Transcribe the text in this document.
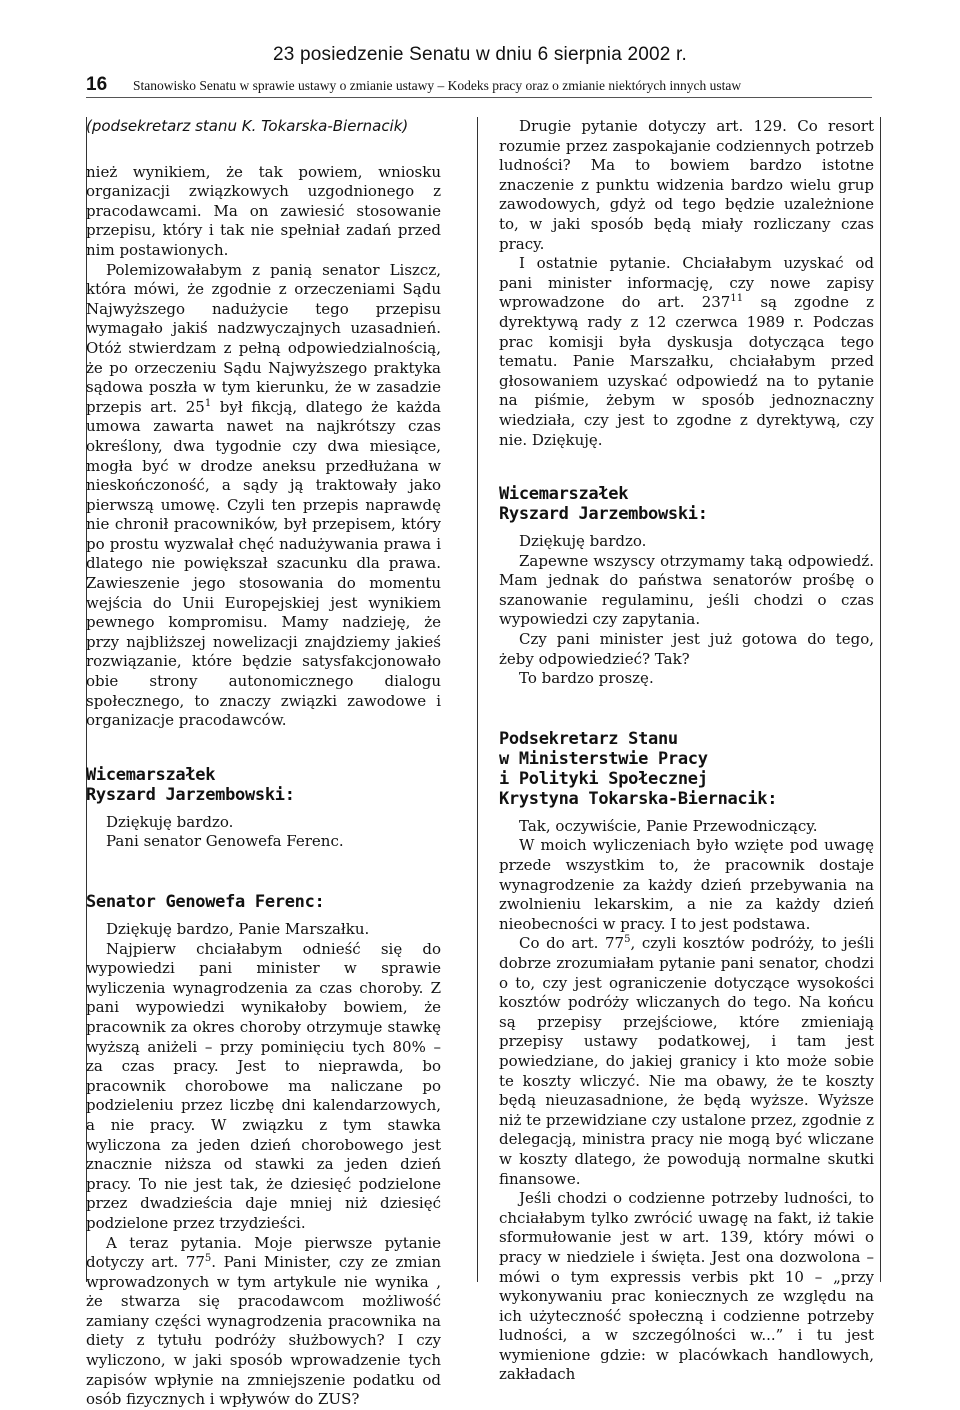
23 posiedzenie Senatu w dniu 6 sierpnia 2002 r.
16 Stanowisko Senatu w sprawie ustawy o zmianie ustawy – Kodeks pracy oraz o zmianie niektórych innych ustaw

(podsekretarz stanu K. Tokarska-Biernacik)

nież wynikiem, że tak powiem, wniosku organizacji związkowych uzgodnionego z pracodawcami. Ma on zawiesić stosowanie przepisu, który i tak nie spełniał zadań przed nim postawionych.

Polemizowałabym z panią senator Liszcz, która mówi, że zgodnie z orzeczeniami Sądu Najwyższego nadużycie tego przepisu wymagało jakiś nadzwyczajnych uzasadnień. Otóż stwierdzam z pełną odpowiedzialnością, że po orzeczeniu Sądu Najwyższego praktyka sądowa poszła w tym kierunku, że w zasadzie przepis art. $25^1$ był fikcją, dlatego że każda umowa zawarta nawet na najkrótszy czas określony, dwa tygodnie czy dwa miesiące, mogła być w drodze aneksu przedłużana w nieskończoność, a sądy ją traktowały jako pierwszą umowę. Czyli ten przepis naprawdę nie chronił pracowników, był przepisem, który po prostu wyzwalał chęć nadużywania prawa i dlatego nie powiększał szacunku dla prawa. Zawieszenie jego stosowania do momentu wejścia do Unii Europejskiej jest wynikiem pewnego kompromisu. Mamy nadzieję, że przy najbliższej nowelizacji znajdziemy jakieś rozwiązanie, które będzie satysfakcjonowało obie strony autonomicznego dialogu społecznego, to znaczy związki zawodowe i organizacje pracodawców.

Wicemarszałek
Ryszard Jarzembowski:

Dziękuję bardzo.

Pani senator Genowefa Ferenc.

Senator Genowefa Ferenc:

Dziękuję bardzo, Panie Marszałku.

Najpierw chciałabym odnieść się do wypowiedzi pani minister w sprawie wyliczenia wynagrodzenia za czas choroby. Z pani wypowiedzi wynikałoby bowiem, że pracownik za okres choroby otrzymuje stawkę wyższą aniżeli – przy pominięciu tych 80% – za czas pracy. Jest to nieprawda, bo pracownik chorobowe ma naliczane po podzieleniu przez liczbę dni kalendarzowych, a nie pracy. W związku z tym stawka wyliczona za jeden dzień chorobowego jest znacznie niższa od stawki za jeden dzień pracy. To nie jest tak, że dziesięć podzielone przez dwadzieścia daje mniej niż dziesięć podzielone przez trzydzieści.

A teraz pytania. Moje pierwsze pytanie dotyczy art. $77^5$. Pani Minister, czy ze zmian wprowadzonych w tym artykule nie wynika , że stwarza się pracodawcom możliwość zamiany części wynagrodzenia pracownika na diety z tytułu podróży służbowych? I czy wyliczono, w jaki sposób wprowadzenie tych zapisów wpłynie na zmniejszenie podatku od osób fizycznych i wpływów do ZUS?

Drugie pytanie dotyczy art. 129. Co resort rozumie przez zaspokajanie codziennych potrzeb ludności? Ma to bowiem bardzo istotne znaczenie z punktu widzenia bardzo wielu grup zawodowych, gdyż od tego będzie uzależnione to, w jaki sposób będą miały rozliczany czas pracy.

I ostatnie pytanie. Chciałabym uzyskać od pani minister informację, czy nowe zapisy wprowadzone do art. $237^{11}$ są zgodne z dyrektywą rady z 12 czerwca 1989 r. Podczas prac komisji była dyskusja dotycząca tego tematu. Panie Marszałku, chciałabym przed głosowaniem uzyskać odpowiedź na to pytanie na piśmie, żebym w sposób jednoznaczny wiedziała, czy jest to zgodne z dyrektywą, czy nie. Dziękuję.

Wicemarszałek
Ryszard Jarzembowski:

Dziękuję bardzo.

Zapewne wszyscy otrzymamy taką odpowiedź. Mam jednak do państwa senatorów prośbę o szanowanie regulaminu, jeśli chodzi o czas wypowiedzi czy zapytania.

Czy pani minister jest już gotowa do tego, żeby odpowiedzieć? Tak?

To bardzo proszę.

Podsekretarz Stanu
w Ministerstwie Pracy
i Polityki Społecznej
Krystyna Tokarska-Biernacik:

Tak, oczywiście, Panie Przewodniczący.

W moich wyliczeniach było wzięte pod uwagę przede wszystkim to, że pracownik dostaje wynagrodzenie za każdy dzień przebywania na zwolnieniu lekarskim, a nie za każdy dzień nieobecności w pracy. I to jest podstawa.

Co do art. $77^5$, czyli kosztów podróży, to jeśli dobrze zrozumiałam pytanie pani senator, chodzi o to, czy jest ograniczenie dotyczące wysokości kosztów podróży wliczanych do tego. Na końcu są przepisy przejściowe, które zmieniają przepisy ustawy podatkowej, i tam jest powiedziane, do jakiej granicy i kto może sobie te koszty wliczyć. Nie ma obawy, że te koszty będą nieuzasadnione, że będą wyższe. Wyższe niż te przewidziane czy ustalone przez, zgodnie z delegacją, ministra pracy nie mogą być wliczane w koszty dlatego, że powodują normalne skutki finansowe.

Jeśli chodzi o codzienne potrzeby ludności, to chciałabym tylko zwrócić uwagę na fakt, iż takie sformułowanie jest w art. 139, który mówi o pracy w niedziele i święta. Jest ona dozwolona – mówi o tym expressis verbis pkt 10 – „przy wykonywaniu prac koniecznych ze względu na ich użyteczność społeczną i codzienne potrzeby ludności, a w szczególności w...” i tu jest wymienione gdzie: w placówkach handlowych, zakładach
